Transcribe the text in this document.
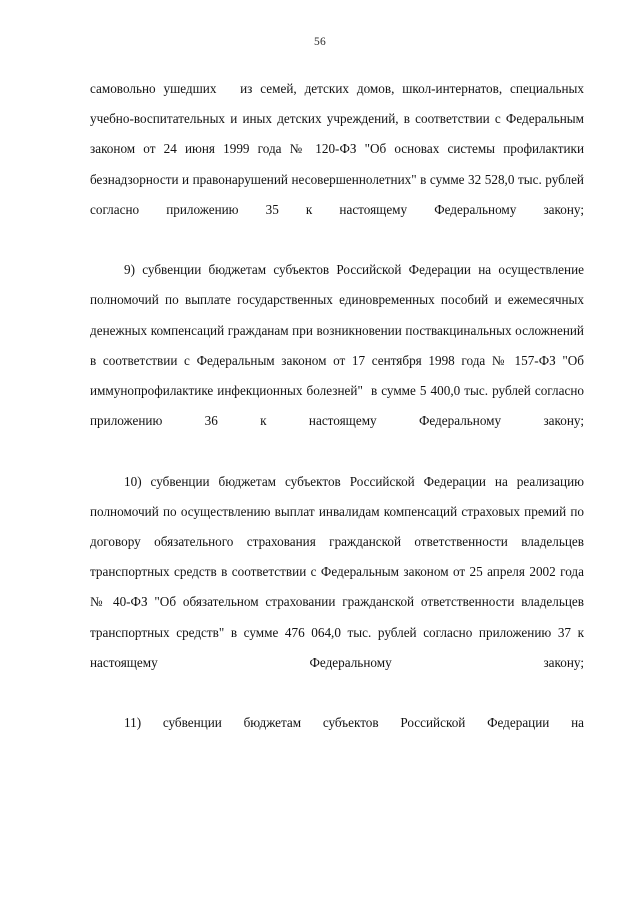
56

самовольно ушедших   из семей, детских домов, школ-интернатов, специальных учебно-воспитательных и иных детских учреждений, в соответствии с Федеральным законом от 24 июня 1999 года № 120-ФЗ "Об основах системы профилактики безнадзорности и правонарушений несовершеннолетних" в сумме 32 528,0 тыс. рублей согласно приложению 35 к настоящему Федеральному закону;

9) субвенции бюджетам субъектов Российской Федерации на осуществление полномочий по выплате государственных единовременных пособий и ежемесячных денежных компенсаций гражданам при возникновении поствакцинальных осложнений в соответствии с Федеральным законом от 17 сентября 1998 года № 157-ФЗ "Об иммунопрофилактике инфекционных болезней"  в сумме 5 400,0 тыс. рублей согласно приложению 36 к настоящему Федеральному закону;

10) субвенции бюджетам субъектов Российской Федерации на реализацию полномочий по осуществлению выплат инвалидам компенсаций страховых премий по договору обязательного страхования гражданской ответственности владельцев транспортных средств в соответствии с Федеральным законом от 25 апреля 2002 года № 40-ФЗ "Об обязательном страховании гражданской ответственности владельцев транспортных средств" в сумме 476 064,0 тыс. рублей согласно приложению 37 к настоящему Федеральному закону;

11) субвенции бюджетам субъектов Российской Федерации на
